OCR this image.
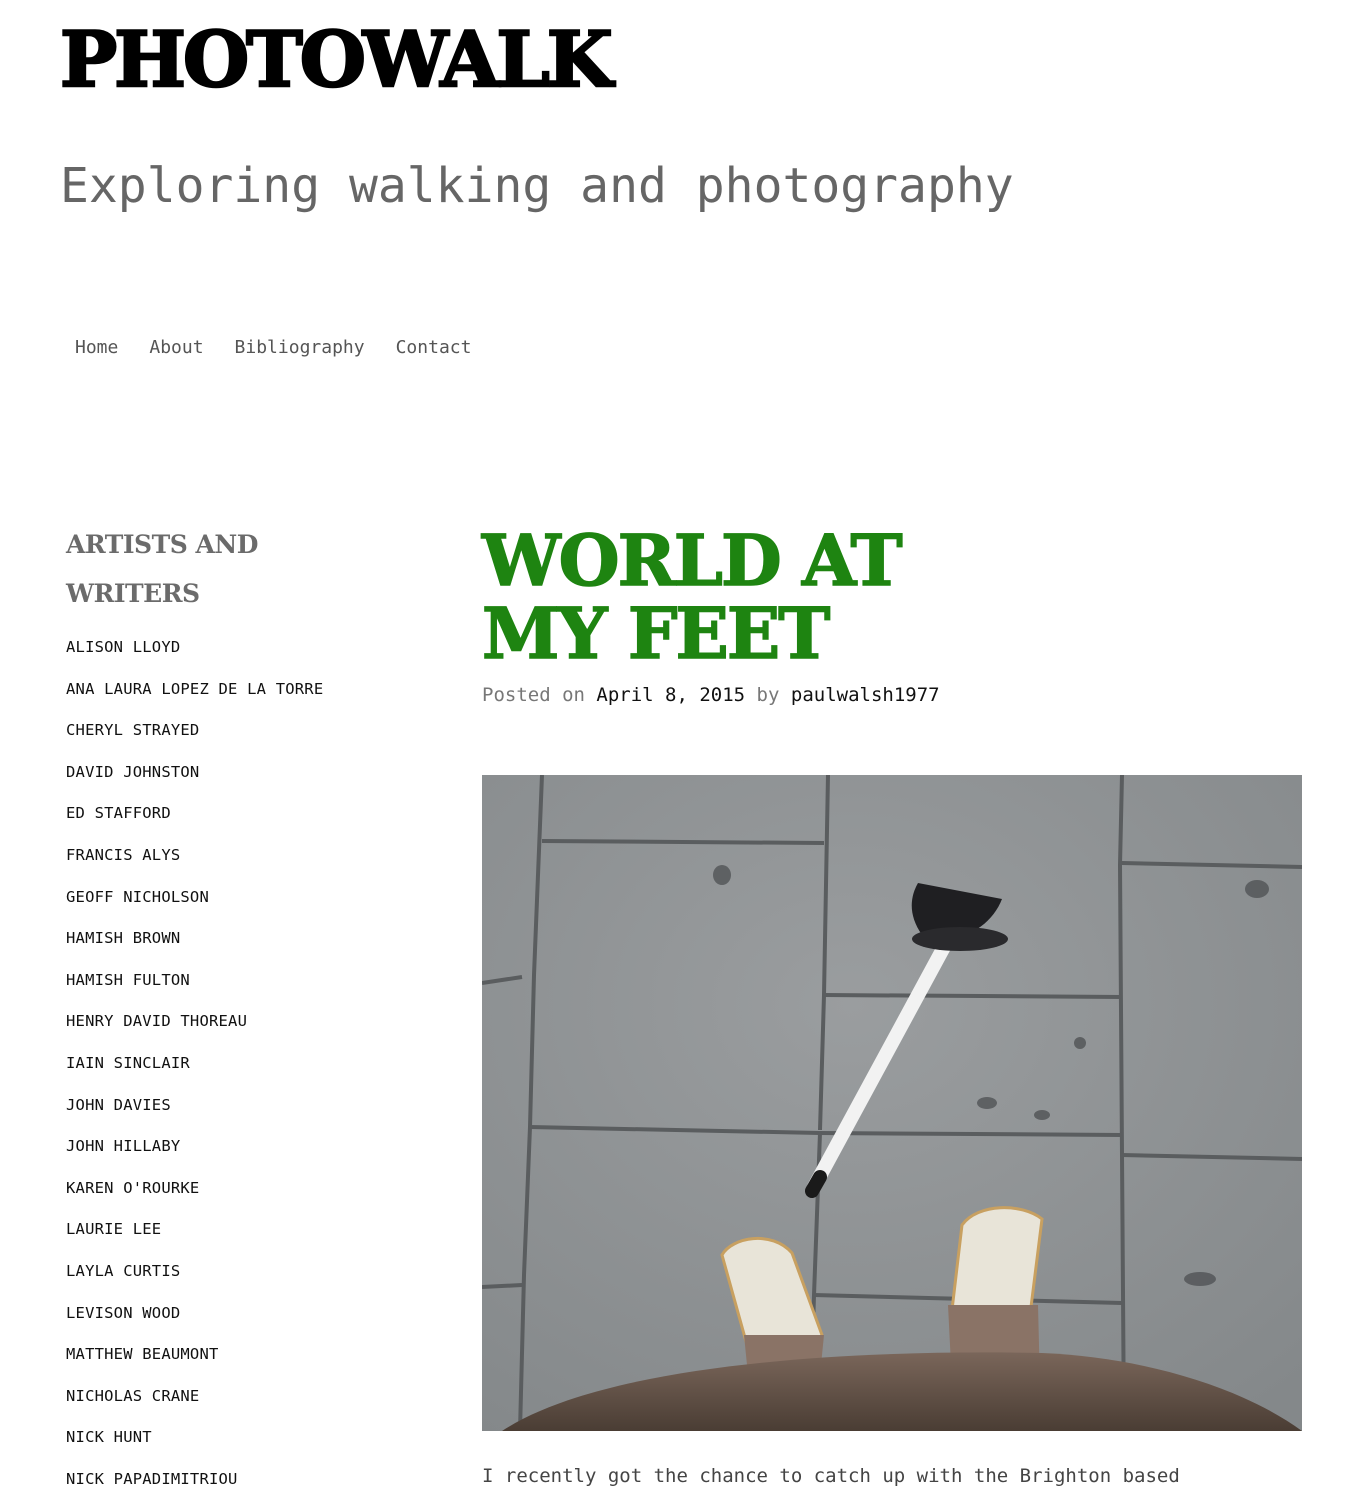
PHOTOWALK

Exploring walking and photography

Home About Bibliography Contact
ARTISTS AND WRITERS
ALISON LLOYD
ANA LAURA LOPEZ DE LA TORRE
CHERYL STRAYED
DAVID JOHNSTON
ED STAFFORD
FRANCIS ALYS
GEOFF NICHOLSON
HAMISH BROWN
HAMISH FULTON
HENRY DAVID THOREAU
IAIN SINCLAIR
JOHN DAVIES
JOHN HILLABY
KAREN O'ROURKE
LAURIE LEE
LAYLA CURTIS
LEVISON WOOD
MATTHEW BEAUMONT
NICHOLAS CRANE
NICK HUNT
NICK PAPADIMITRIOU
WORLD AT MY FEET
Posted on April 8, 2015 by paulwalsh1977

I recently got the chance to catch up with the Brighton based
